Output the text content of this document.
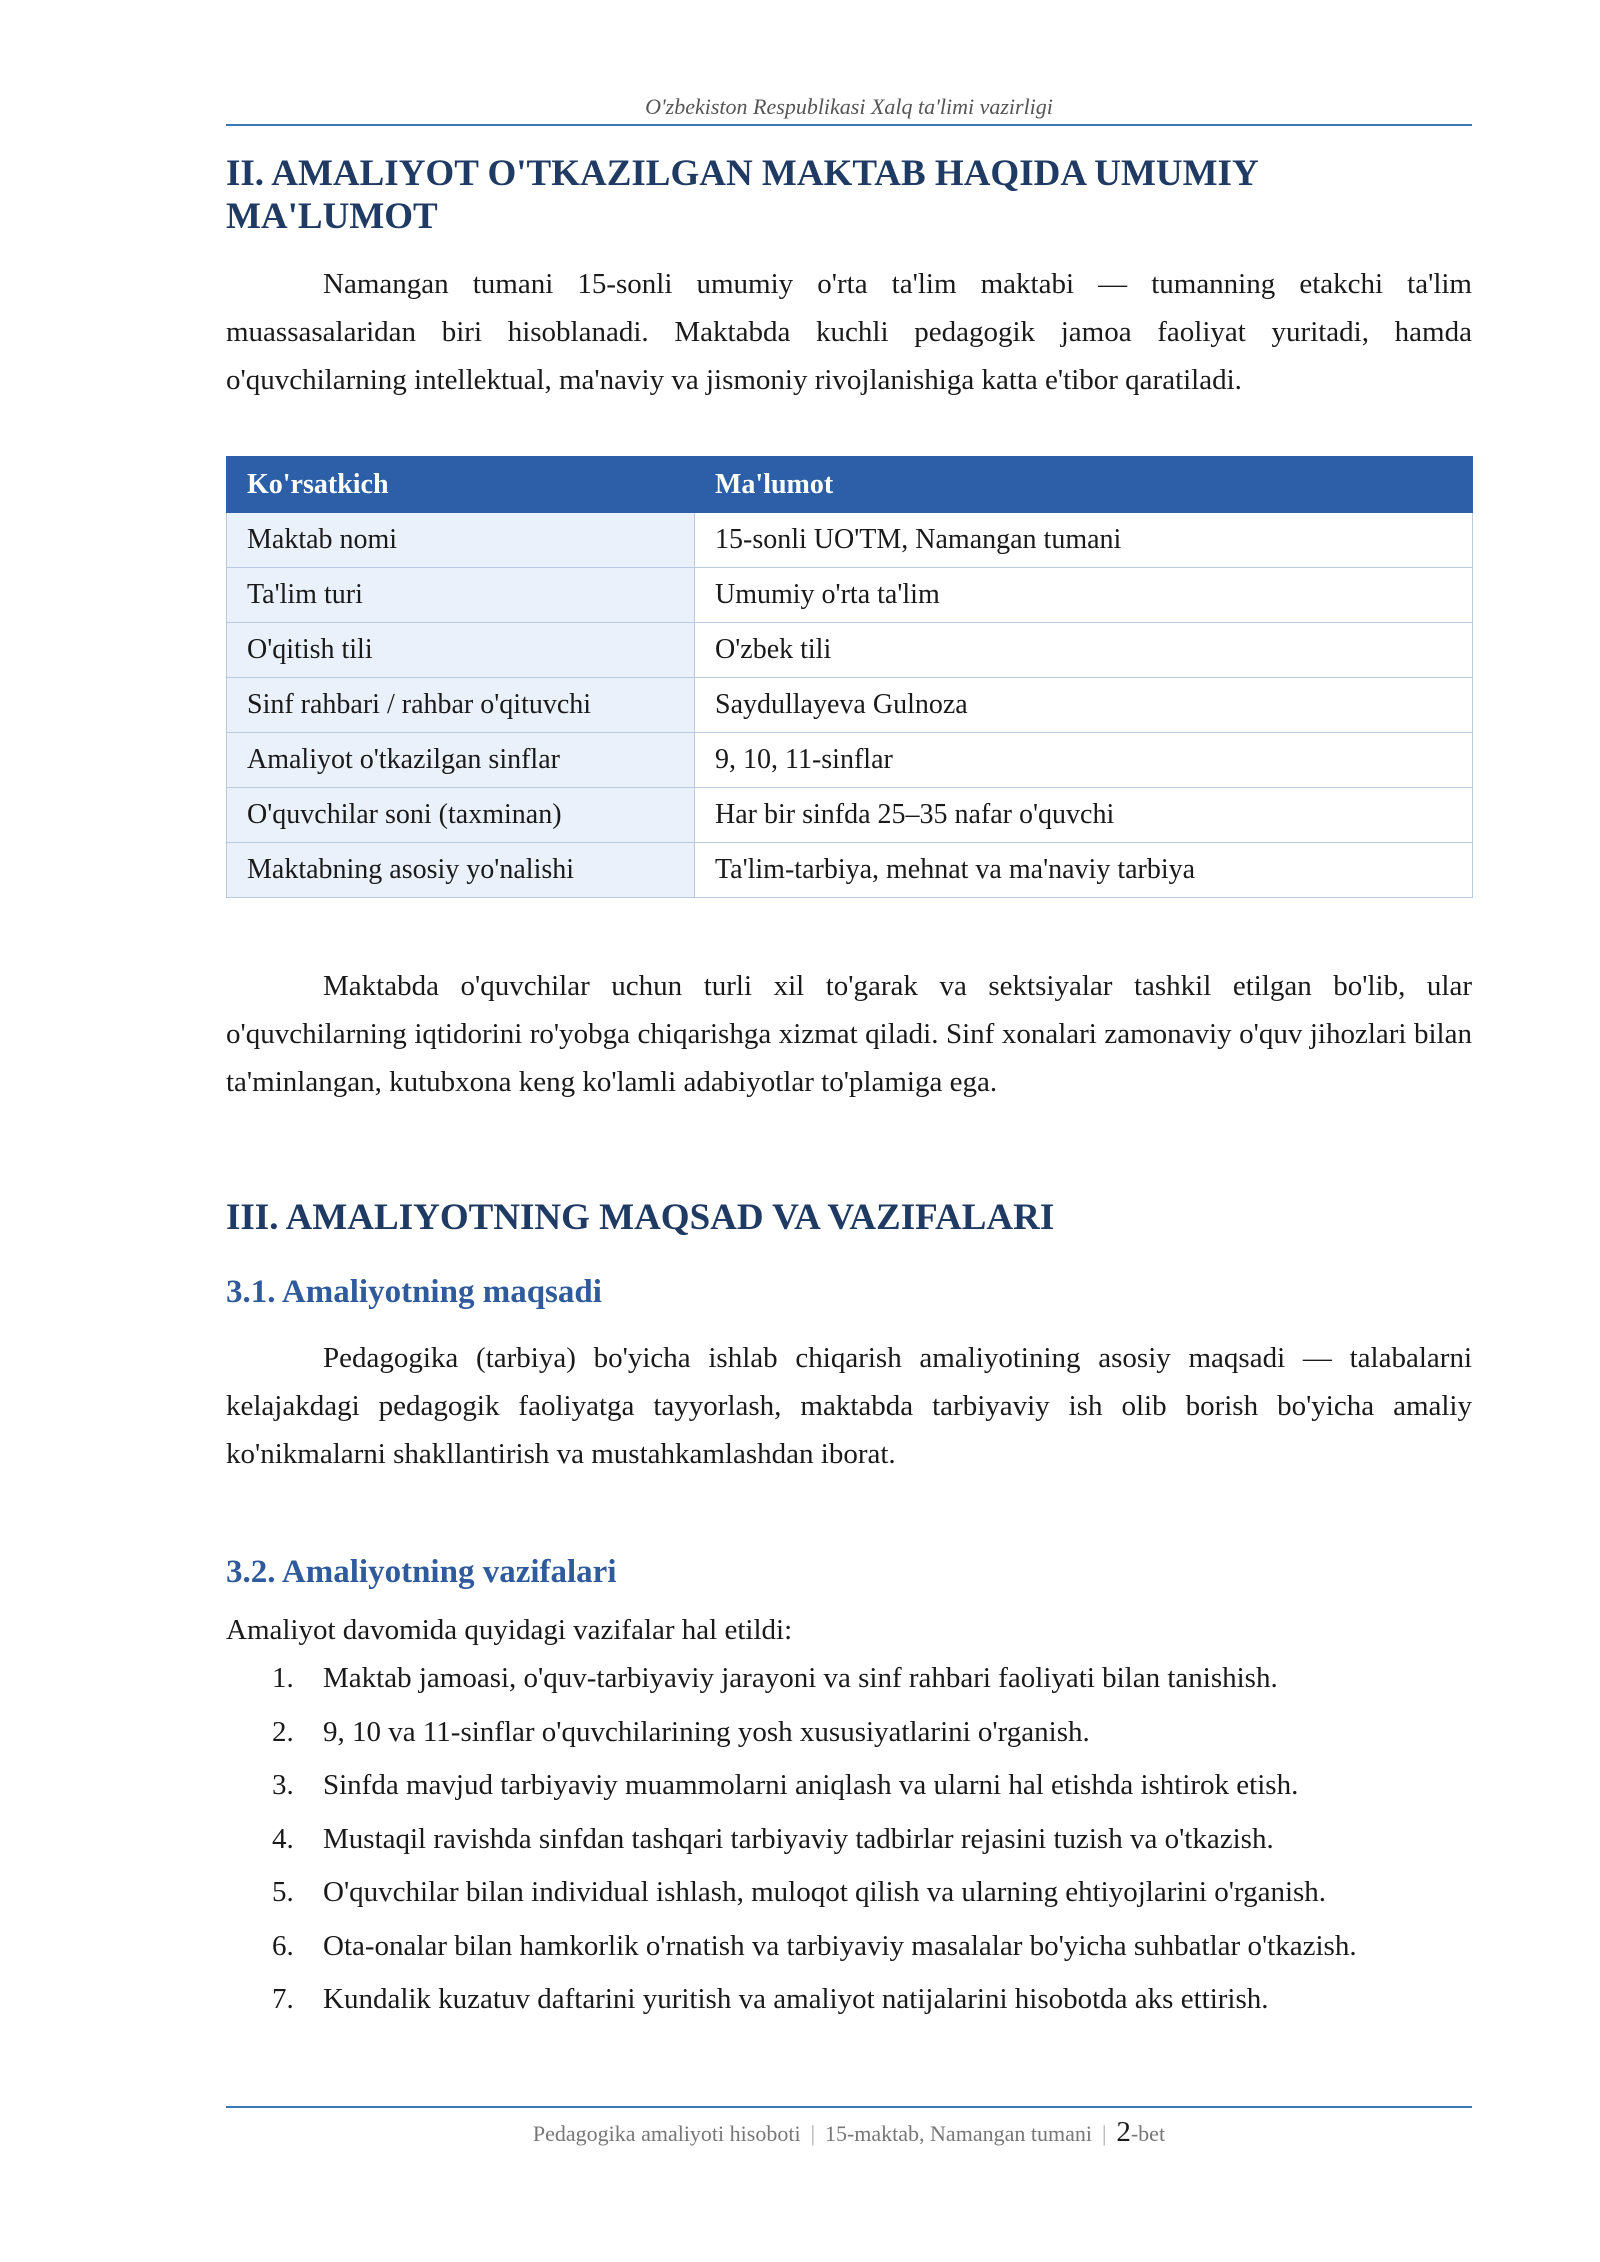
O'zbekiston Respublikasi Xalq ta'limi vazirligi
II. AMALIYOT O'TKAZILGAN MAKTAB HAQIDA UMUMIY MA'LUMOT

Namangan tumani 15-sonli umumiy o'rta ta'lim maktabi — tumanning etakchi ta'lim muassasalaridan biri hisoblanadi. Maktabda kuchli pedagogik jamoa faoliyat yuritadi, hamda o'quvchilarning intellektual, ma'naviy va jismoniy rivojlanishiga katta e'tibor qaratiladi.

Ko'rsatkich	Ma'lumot
Maktab nomi	15-sonli UO'TM, Namangan tumani
Ta'lim turi	Umumiy o'rta ta'lim
O'qitish tili	O'zbek tili
Sinf rahbari / rahbar o'qituvchi	Saydullayeva Gulnoza
Amaliyot o'tkazilgan sinflar	9, 10, 11-sinflar
O'quvchilar soni (taxminan)	Har bir sinfda 25–35 nafar o'quvchi
Maktabning asosiy yo'nalishi	Ta'lim-tarbiya, mehnat va ma'naviy tarbiya

Maktabda o'quvchilar uchun turli xil to'garak va sektsiyalar tashkil etilgan bo'lib, ular o'quvchilarning iqtidorini ro'yobga chiqarishga xizmat qiladi. Sinf xonalari zamonaviy o'quv jihozlari bilan ta'minlangan, kutubxona keng ko'lamli adabiyotlar to'plamiga ega.

III. AMALIYOTNING MAQSAD VA VAZIFALARI
3.1. Amaliyotning maqsadi

Pedagogika (tarbiya) bo'yicha ishlab chiqarish amaliyotining asosiy maqsadi — talabalarni kelajakdagi pedagogik faoliyatga tayyorlash, maktabda tarbiyaviy ish olib borish bo'yicha amaliy ko'nikmalarni shakllantirish va mustahkamlashdan iborat.

3.2. Amaliyotning vazifalari

Amaliyot davomida quyidagi vazifalar hal etildi:

1.	Maktab jamoasi, o'quv-tarbiyaviy jarayoni va sinf rahbari faoliyati bilan tanishish.
2.	9, 10 va 11-sinflar o'quvchilarining yosh xususiyatlarini o'rganish.
3.	Sinfda mavjud tarbiyaviy muammolarni aniqlash va ularni hal etishda ishtirok etish.
4.	Mustaqil ravishda sinfdan tashqari tarbiyaviy tadbirlar rejasini tuzish va o'tkazish.
5.	O'quvchilar bilan individual ishlash, muloqot qilish va ularning ehtiyojlarini o'rganish.
6.	Ota-onalar bilan hamkorlik o'rnatish va tarbiyaviy masalalar bo'yicha suhbatlar o'tkazish.
7.	Kundalik kuzatuv daftarini yuritish va amaliyot natijalarini hisobotda aks ettirish.
Pedagogika amaliyoti hisoboti | 15-maktab, Namangan tumani | 2-bet
